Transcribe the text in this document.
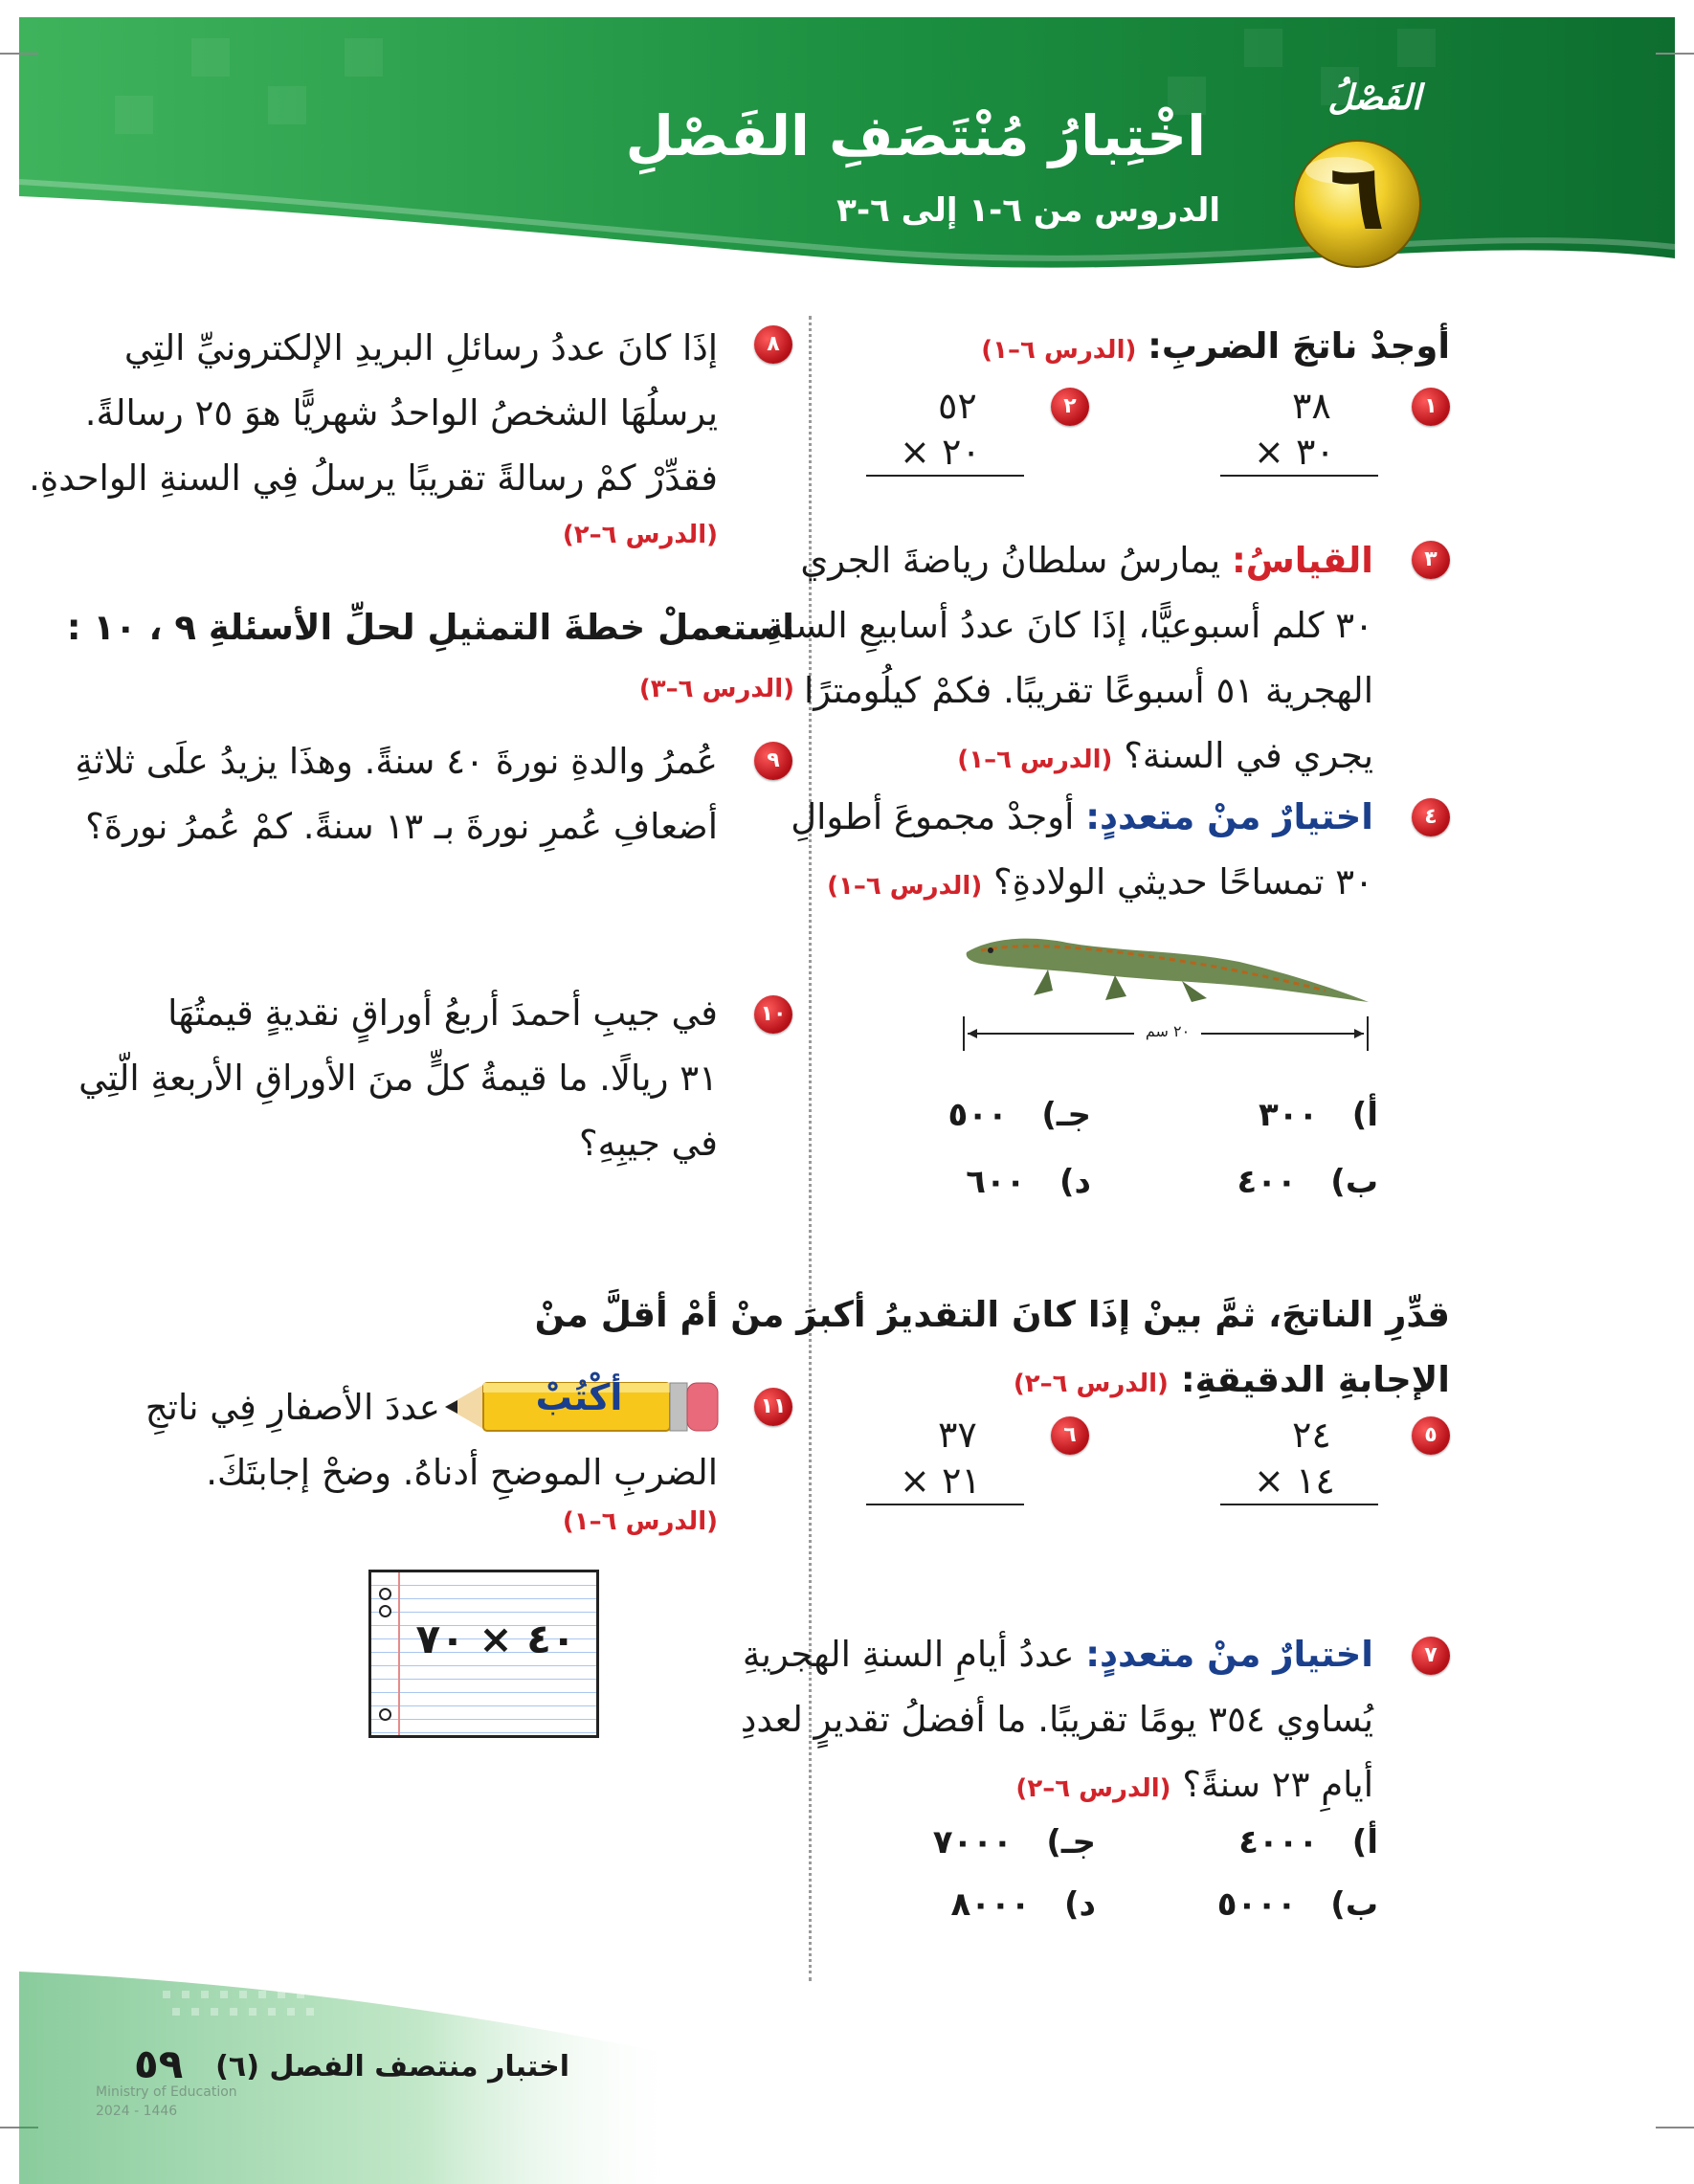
الفَصْلُ
٦
اخْتِبارُ مُنْتَصَفِ الفَصْلِ
الدروس من ٦-١ إلى ٦-٣
أوجدْ ناتجَ الضربِ: (الدرس ٦–١)
١
٣٨
× ٣٠
٢
٥٢
× ٢٠
٣
القياسُ: يمارسُ سلطانُ رياضةَ الجري
٣٠ كلم أسبوعيًّا، إذَا كانَ عددُ أسابيعِ السنةِ
الهجرية ٥١ أسبوعًا تقريبًا. فكمْ كيلُومترًا
يجري في السنة؟ (الدرس ٦–١)
٤
اختيارٌ منْ متعددٍ: أوجدْ مجموعَ أطوالِ
٣٠ تمساحًا حديثي الولادةِ؟ (الدرس ٦–١)
٢٠ سم
أ)   ٣٠٠
ب)   ٤٠٠
جـ)   ٥٠٠
د)   ٦٠٠
قدِّرِ الناتجَ، ثمَّ بينْ إذَا كانَ التقديرُ أكبرَ منْ أمْ أقلَّ منْ
الإجابةِ الدقيقةِ: (الدرس ٦–٢)
٥
٢٤
× ١٤
٦
٣٧
× ٢١
٧
اختيارٌ منْ متعددٍ: عددُ أيامِ السنةِ الهجريةِ
يُساوي ٣٥٤ يومًا تقريبًا. ما أفضلُ تقديرٍ لعددِ
أيامِ ٢٣ سنةً؟ (الدرس ٦–٢)
أ)   ٤٠٠٠
ب)   ٥٠٠٠
جـ)   ٧٠٠٠
د)   ٨٠٠٠
٨
إذَا كانَ عددُ رسائلِ البريدِ الإلكترونيِّ التِي
يرسلُهَا الشخصُ الواحدُ شهريًّا هوَ ٢٥ رسالةً.
فقدِّرْ كمْ رسالةً تقريبًا يرسلُ فِي السنةِ الواحدةِ.
(الدرس ٦–٢)
استعملْ خطةَ التمثيلِ لحلِّ الأسئلةِ ٩ ، ١٠ :
(الدرس ٦–٣)
٩
عُمرُ والدةِ نورةَ ٤٠ سنةً. وهذَا يزيدُ علَى ثلاثةِ
أضعافِ عُمرِ نورةَ بـ ١٣ سنةً. كمْ عُمرُ نورةَ؟
١٠
في جيبِ أحمدَ أربعُ أوراقٍ نقديةٍ قيمتُهَا
٣١ ريالًا. ما قيمةُ كلٍّ منَ الأوراقِ الأربعةِ الّتِي
في جيبِهِ؟
١١
أكْتُبْ
عددَ الأصفارِ فِي ناتجِ
الضربِ الموضحِ أدناهُ. وضحْ إجابتَكَ.
(الدرس ٦–١)
٤٠ × ٧٠
اختبار منتصف الفصل (٦)
٥٩
Ministry of Education
2024 - 1446
